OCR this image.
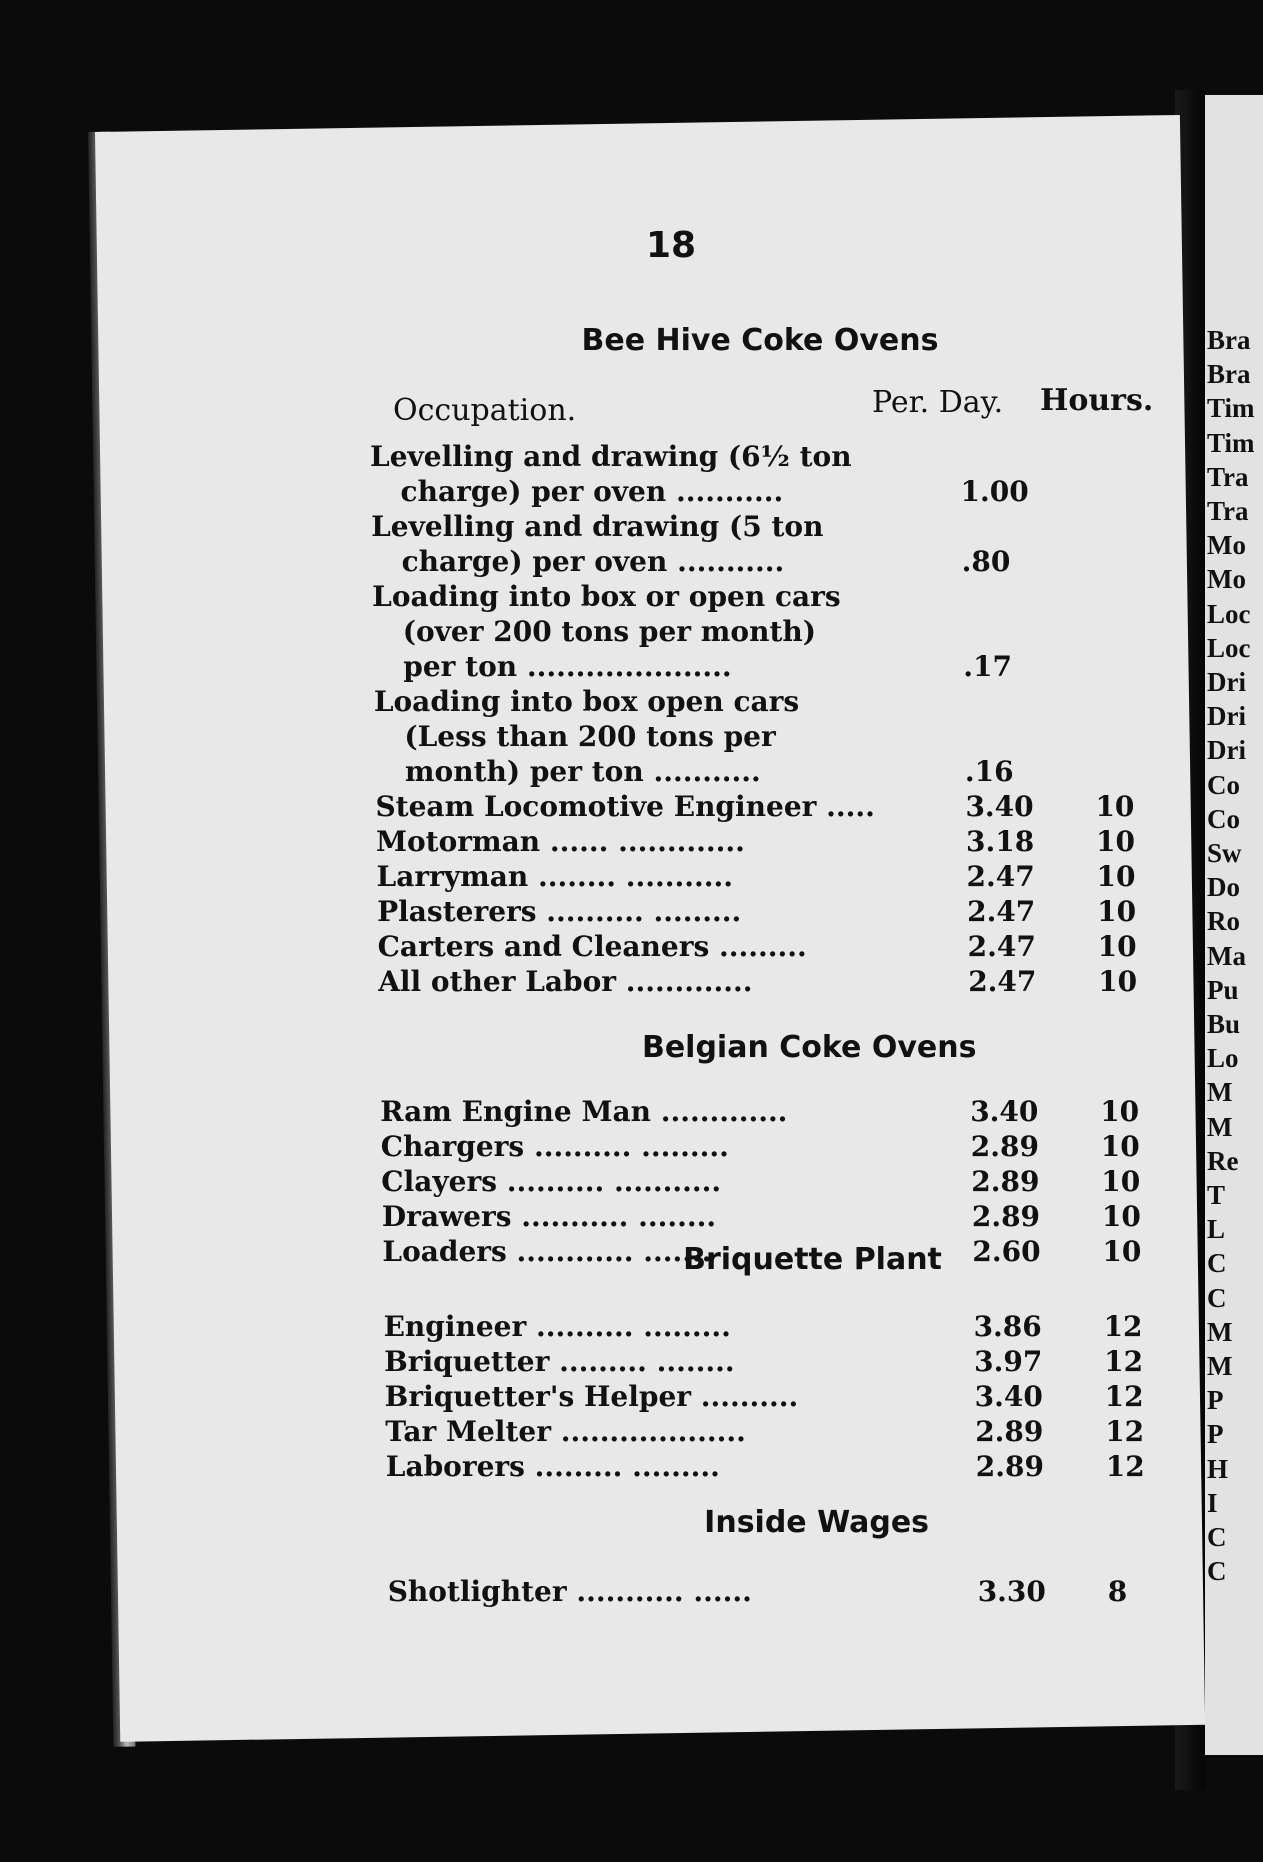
Bra
Bra
Tim
Tim
Tra
Tra
Mo
Mo
Loc
Loc
Dri
Dri
Dri
Co
Co
Sw
Do
Ro
Ma
Pu
Bu
Lo
M
M
Re
T
L
C
C
M
M
P
P
H
I
C
C
18
Bee Hive Coke Ovens
Occupation.	Per. Day. Hours.
Levelling and drawing (6½ ton
charge) per oven ...........	1.00
Levelling and drawing (5 ton
charge) per oven ...........	.80
Loading into box or open cars
(over 200 tons per month)
per ton .....................	.17
Loading into box open cars
(Less than 200 tons per
month) per ton ...........	.16
Steam Locomotive Engineer .....	3.40	10
Motorman ...... .............	3.18	10
Larryman ........ ...........	2.47	10
Plasterers .......... .........	2.47	10
Carters and Cleaners .........	2.47	10
All other Labor .............	2.47	10
Ram Engine Man .............	3.40	10
Chargers .......... .........	2.89	10
Clayers .......... ...........	2.89	10
Drawers ........... ........	2.89	10
Loaders ............ .......	2.60	10
Engineer .......... .........	3.86	12
Briquetter ......... ........	3.97	12
Briquetter's Helper ..........	3.40	12
Tar Melter ...................	2.89	12
Laborers ......... .........	2.89	12
Shotlighter ........... ......	3.30	8
Belgian Coke Ovens
Briquette Plant
Inside Wages
